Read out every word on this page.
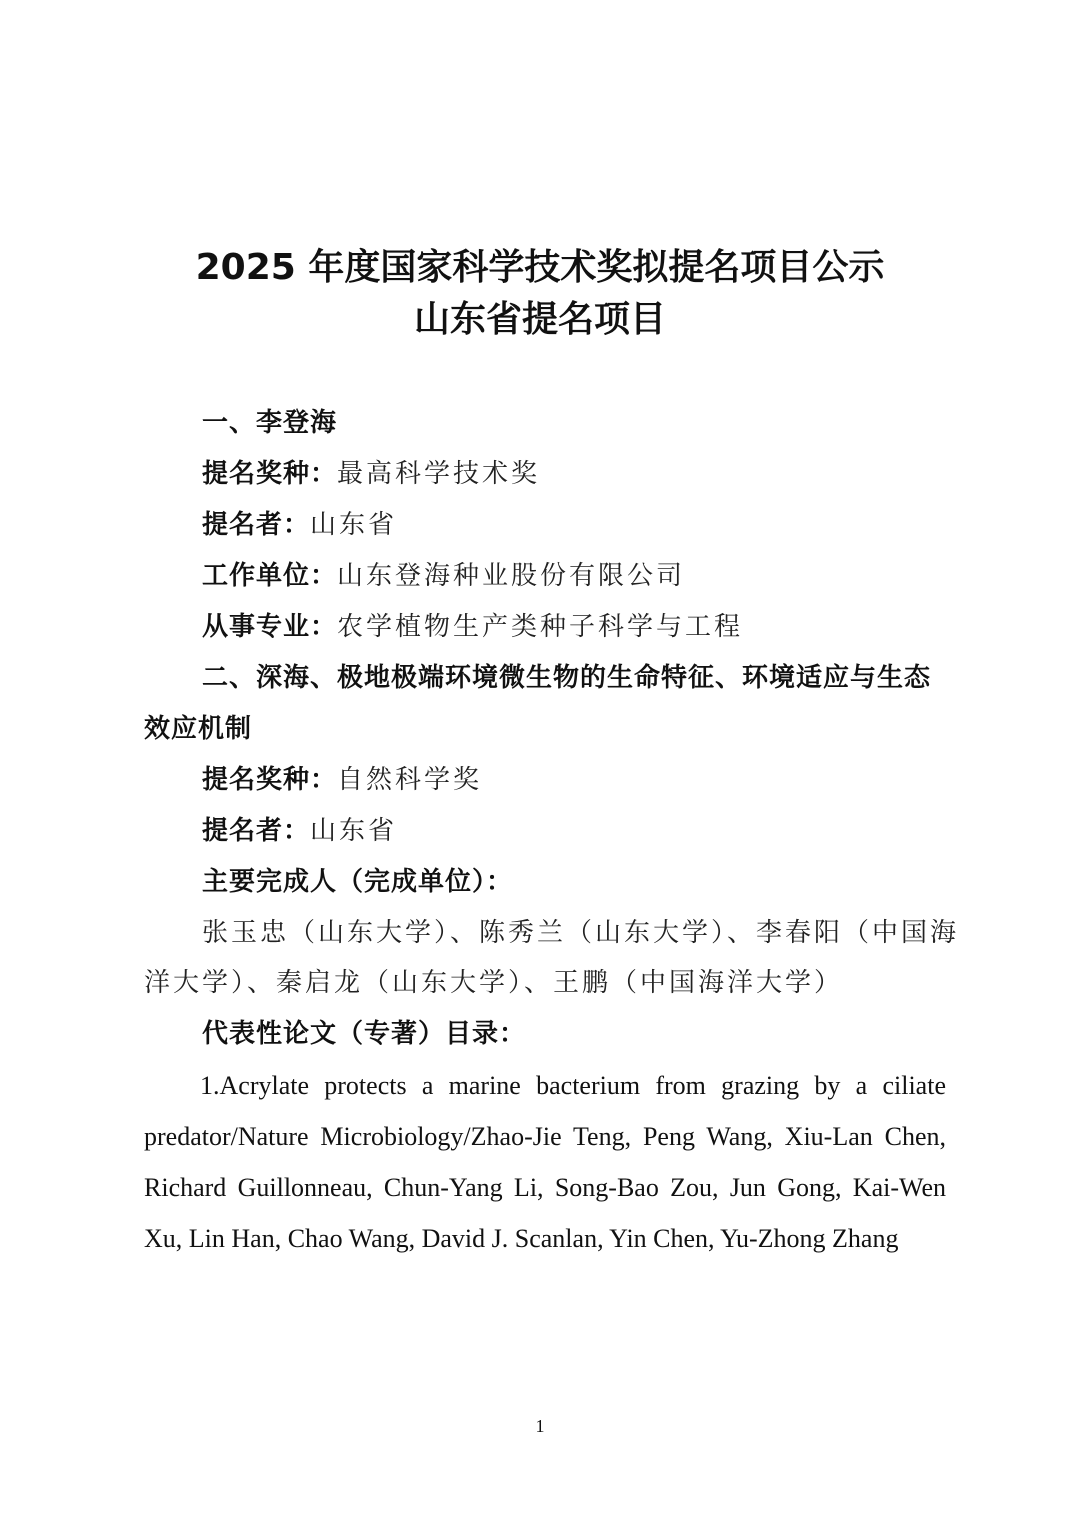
2025 年度国家科学技术奖拟提名项目公示
山东省提名项目
一、李登海
提名奖种：最高科学技术奖
提名者：山东省
工作单位：山东登海种业股份有限公司
从事专业：农学植物生产类种子科学与工程
二、深海、极地极端环境微生物的生命特征、环境适应与生态
效应机制
提名奖种：自然科学奖
提名者：山东省
主要完成人（完成单位）：
张玉忠（山东大学）、陈秀兰（山东大学）、李春阳（中国海
洋大学）、秦启龙（山东大学）、王鹏（中国海洋大学）
代表性论文（专著）目录：
1.Acrylate protects a marine bacterium from grazing by a ciliate predator/Nature Microbiology/Zhao-Jie Teng, Peng Wang, Xiu-Lan Chen, Richard Guillonneau, Chun-Yang Li, Song-Bao Zou, Jun Gong, Kai-Wen Xu, Lin Han, Chao Wang, David J. Scanlan, Yin Chen, Yu-Zhong Zhang
1
